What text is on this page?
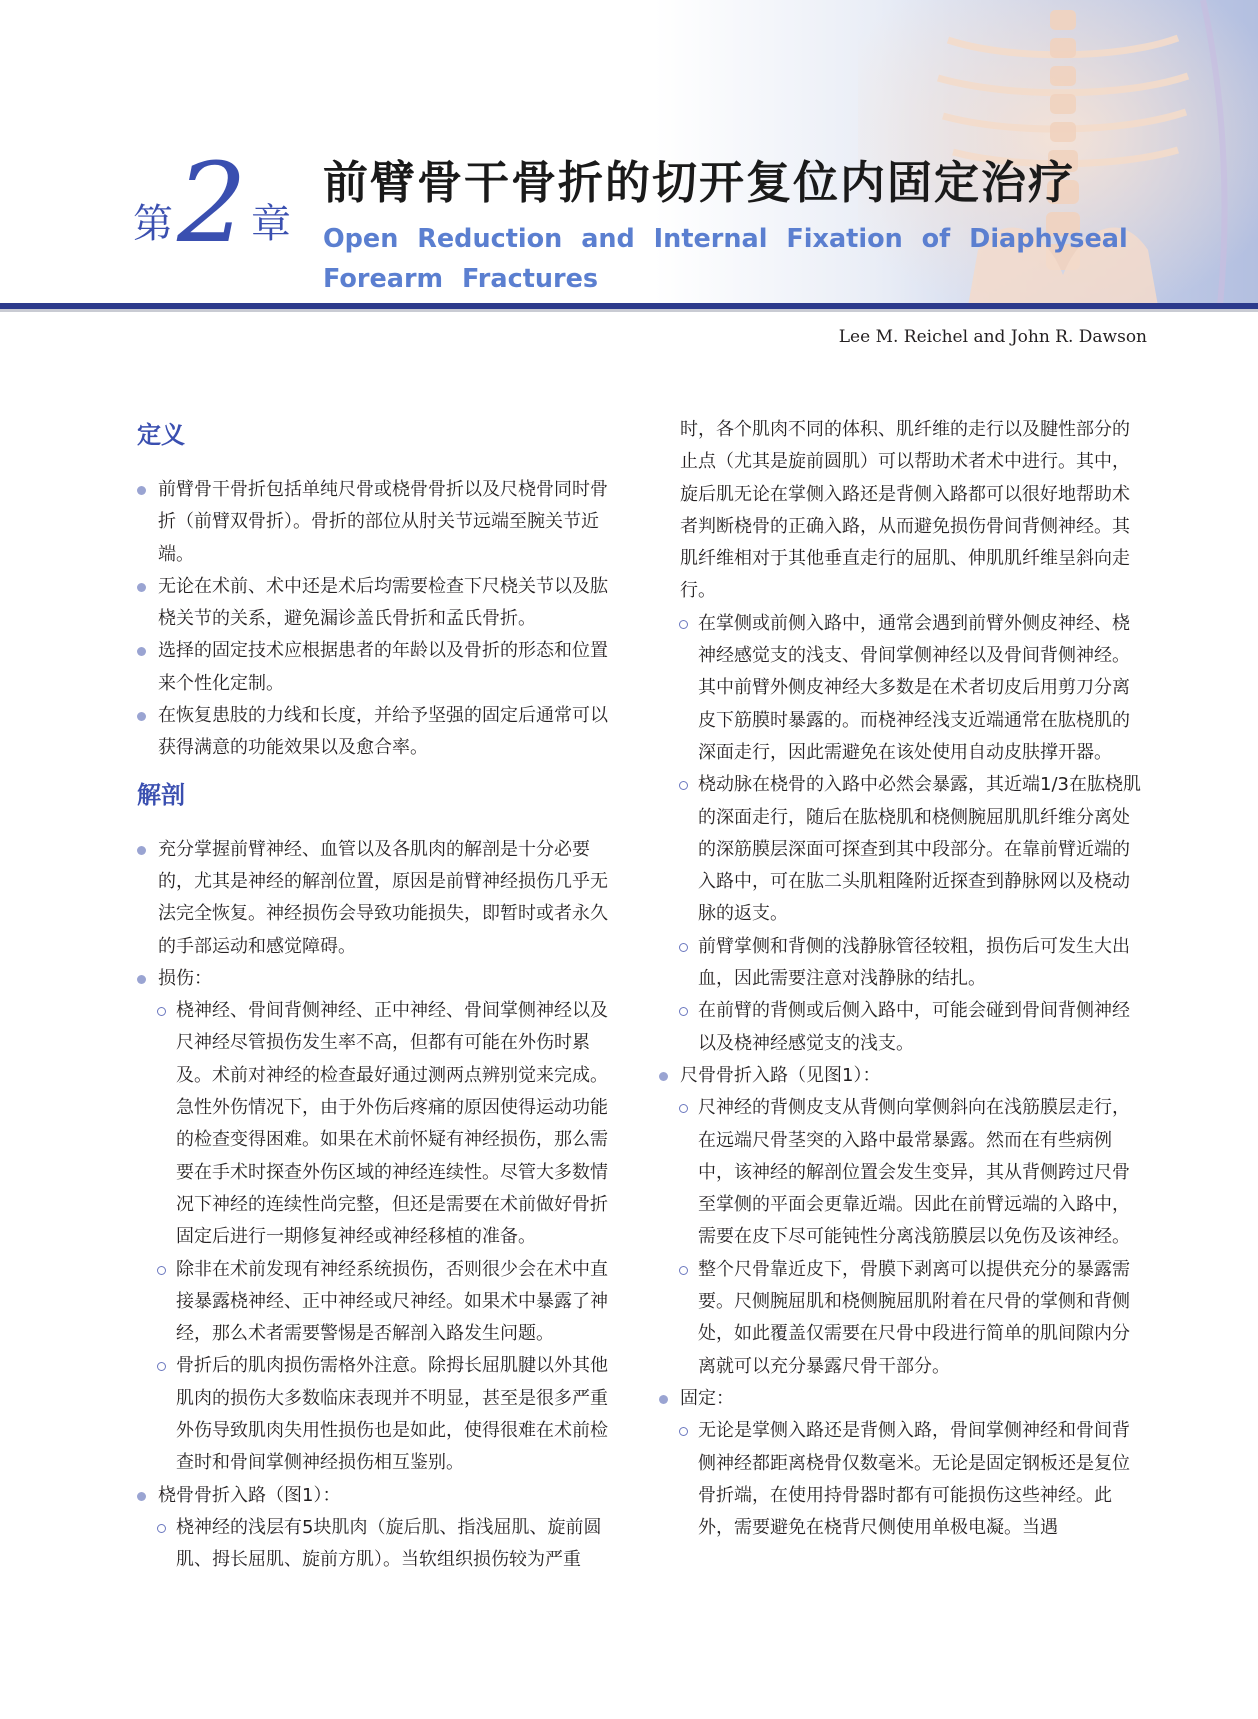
第 2 章
前臂骨干骨折的切开复位内固定治疗
Open Reduction and Internal Fixation of Diaphyseal Forearm Fractures
Lee M. Reichel and John R. Dawson
定义

前臂骨干骨折包括单纯尺骨或桡骨骨折以及尺桡骨同时骨折（前臂双骨折）。骨折的部位从肘关节远端至腕关节近端。

无论在术前、术中还是术后均需要检查下尺桡关节以及肱桡关节的关系，避免漏诊盖氏骨折和孟氏骨折。

选择的固定技术应根据患者的年龄以及骨折的形态和位置来个性化定制。

在恢复患肢的力线和长度，并给予坚强的固定后通常可以获得满意的功能效果以及愈合率。

解剖

充分掌握前臂神经、血管以及各肌肉的解剖是十分必要的，尤其是神经的解剖位置，原因是前臂神经损伤几乎无法完全恢复。神经损伤会导致功能损失，即暂时或者永久的手部运动和感觉障碍。

损伤：

桡神经、骨间背侧神经、正中神经、骨间掌侧神经以及尺神经尽管损伤发生率不高，但都有可能在外伤时累及。术前对神经的检查最好通过测两点辨别觉来完成。急性外伤情况下，由于外伤后疼痛的原因使得运动功能的检查变得困难。如果在术前怀疑有神经损伤，那么需要在手术时探查外伤区域的神经连续性。尽管大多数情况下神经的连续性尚完整，但还是需要在术前做好骨折固定后进行一期修复神经或神经移植的准备。

除非在术前发现有神经系统损伤，否则很少会在术中直接暴露桡神经、正中神经或尺神经。如果术中暴露了神经，那么术者需要警惕是否解剖入路发生问题。

骨折后的肌肉损伤需格外注意。除拇长屈肌腱以外其他肌肉的损伤大多数临床表现并不明显，甚至是很多严重外伤导致肌肉失用性损伤也是如此，使得很难在术前检查时和骨间掌侧神经损伤相互鉴别。

桡骨骨折入路（图1）：

桡神经的浅层有5块肌肉（旋后肌、指浅屈肌、旋前圆肌、拇长屈肌、旋前方肌）。当软组织损伤较为严重

时，各个肌肉不同的体积、肌纤维的走行以及腱性部分的止点（尤其是旋前圆肌）可以帮助术者术中进行。其中，旋后肌无论在掌侧入路还是背侧入路都可以很好地帮助术者判断桡骨的正确入路，从而避免损伤骨间背侧神经。其肌纤维相对于其他垂直走行的屈肌、伸肌肌纤维呈斜向走行。

在掌侧或前侧入路中，通常会遇到前臂外侧皮神经、桡神经感觉支的浅支、骨间掌侧神经以及骨间背侧神经。其中前臂外侧皮神经大多数是在术者切皮后用剪刀分离皮下筋膜时暴露的。而桡神经浅支近端通常在肱桡肌的深面走行，因此需避免在该处使用自动皮肤撑开器。

桡动脉在桡骨的入路中必然会暴露，其近端1/3在肱桡肌的深面走行，随后在肱桡肌和桡侧腕屈肌肌纤维分离处的深筋膜层深面可探查到其中段部分。在靠前臂近端的入路中，可在肱二头肌粗隆附近探查到静脉网以及桡动脉的返支。

前臂掌侧和背侧的浅静脉管径较粗，损伤后可发生大出血，因此需要注意对浅静脉的结扎。

在前臂的背侧或后侧入路中，可能会碰到骨间背侧神经以及桡神经感觉支的浅支。

尺骨骨折入路（见图1）：

尺神经的背侧皮支从背侧向掌侧斜向在浅筋膜层走行，在远端尺骨茎突的入路中最常暴露。然而在有些病例中，该神经的解剖位置会发生变异，其从背侧跨过尺骨至掌侧的平面会更靠近端。因此在前臂远端的入路中，需要在皮下尽可能钝性分离浅筋膜层以免伤及该神经。

整个尺骨靠近皮下，骨膜下剥离可以提供充分的暴露需要。尺侧腕屈肌和桡侧腕屈肌附着在尺骨的掌侧和背侧处，如此覆盖仅需要在尺骨中段进行简单的肌间隙内分离就可以充分暴露尺骨干部分。

固定：

无论是掌侧入路还是背侧入路，骨间掌侧神经和骨间背侧神经都距离桡骨仅数毫米。无论是固定钢板还是复位骨折端，在使用持骨器时都有可能损伤这些神经。此外，需要避免在桡背尺侧使用单极电凝。当遇
